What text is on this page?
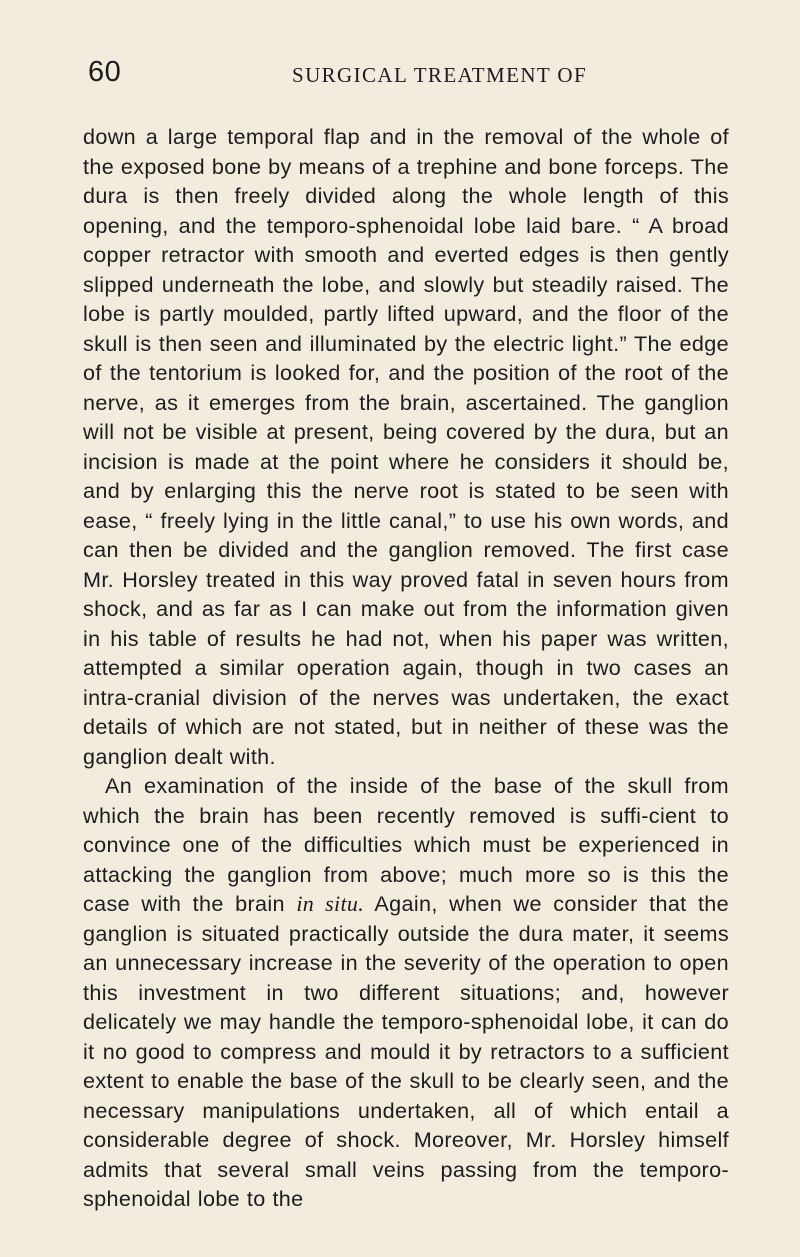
60	SURGICAL TREATMENT OF

down a large temporal flap and in the removal of the whole of the exposed bone by means of a trephine and bone forceps. The dura is then freely divided along the whole length of this opening, and the temporo-sphenoidal lobe laid bare. “ A broad copper retractor with smooth and everted edges is then gently slipped underneath the lobe, and slowly but steadily raised. The lobe is partly moulded, partly lifted upward, and the floor of the skull is then seen and illuminated by the electric light.” The edge of the tentorium is looked for, and the position of the root of the nerve, as it emerges from the brain, ascertained. The ganglion will not be visible at present, being covered by the dura, but an incision is made at the point where he considers it should be, and by enlarging this the nerve root is stated to be seen with ease, “ freely lying in the little canal,” to use his own words, and can then be divided and the ganglion removed. The first case Mr. Horsley treated in this way proved fatal in seven hours from shock, and as far as I can make out from the information given in his table of results he had not, when his paper was written, attempted a similar operation again, though in two cases an intra-cranial division of the nerves was undertaken, the exact details of which are not stated, but in neither of these was the ganglion dealt with.

An examination of the inside of the base of the skull from which the brain has been recently removed is suffi-cient to convince one of the difficulties which must be experienced in attacking the ganglion from above; much more so is this the case with the brain in situ. Again, when we consider that the ganglion is situated practically outside the dura mater, it seems an unnecessary increase in the severity of the operation to open this investment in two different situations; and, however delicately we may handle the temporo-sphenoidal lobe, it can do it no good to compress and mould it by retractors to a sufficient extent to enable the base of the skull to be clearly seen, and the necessary manipulations undertaken, all of which entail a considerable degree of shock. Moreover, Mr. Horsley himself admits that several small veins passing from the temporo-sphenoidal lobe to the
